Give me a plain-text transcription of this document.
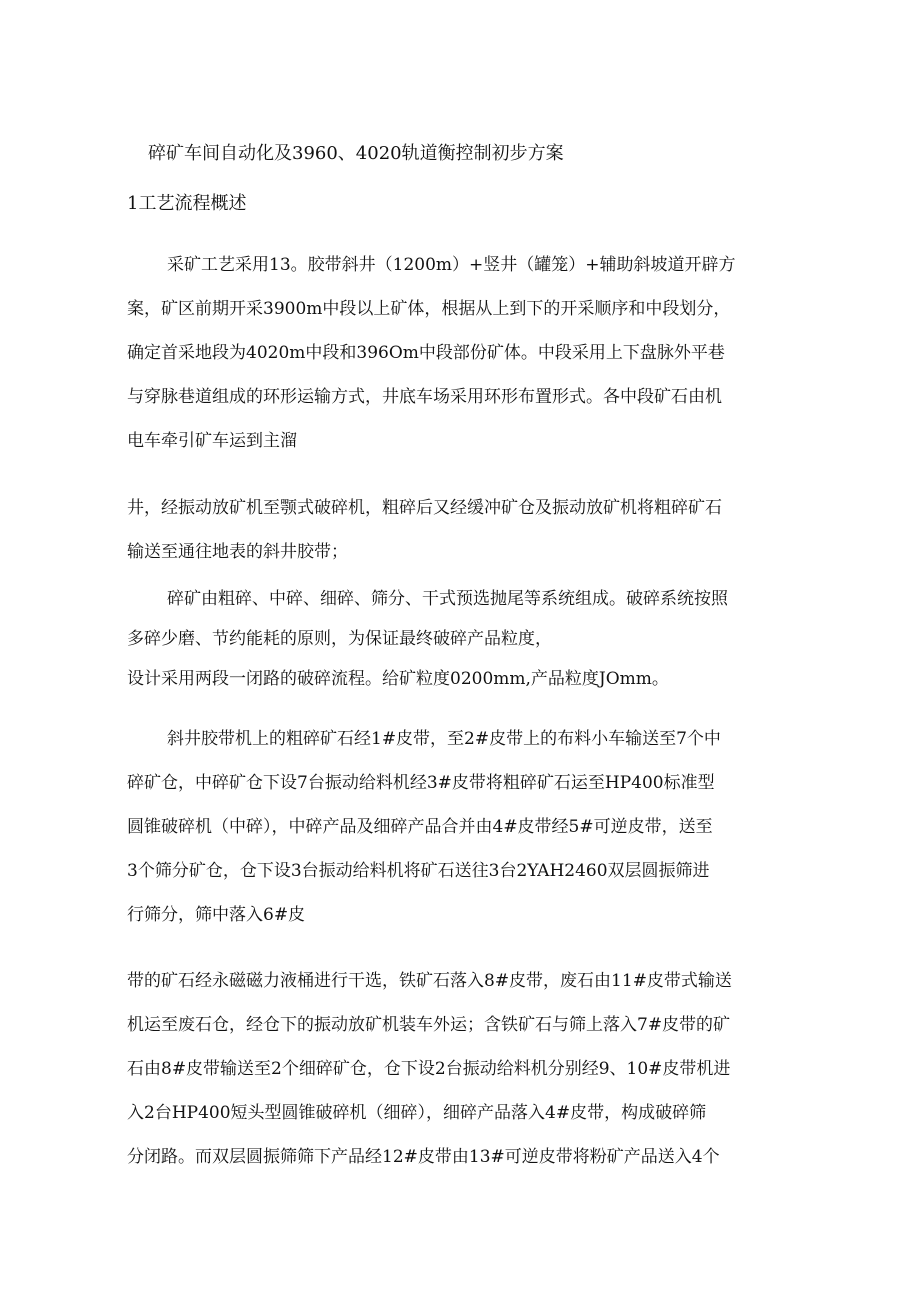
碎矿车间自动化及3960、4020轨道衡控制初步方案
1工艺流程概述
采矿工艺采用13。胶带斜井（1200m）+竖井（罐笼）+辅助斜坡道开辟方
案，矿区前期开采3900m中段以上矿体，根据从上到下的开采顺序和中段划分，
确定首采地段为4020m中段和396Om中段部份矿体。中段采用上下盘脉外平巷
与穿脉巷道组成的环形运输方式，井底车场采用环形布置形式。各中段矿石由机
电车牵引矿车运到主溜
井，经振动放矿机至颚式破碎机，粗碎后又经缓冲矿仓及振动放矿机将粗碎矿石
输送至通往地表的斜井胶带；
碎矿由粗碎、中碎、细碎、筛分、干式预选抛尾等系统组成。破碎系统按照
多碎少磨、节约能耗的原则，为保证最终破碎产品粒度，
设计采用两段一闭路的破碎流程。给矿粒度0200mm,产品粒度JOmm。
斜井胶带机上的粗碎矿石经1#皮带，至2#皮带上的布料小车输送至7个中
碎矿仓，中碎矿仓下设7台振动给料机经3#皮带将粗碎矿石运至HP400标准型
圆锥破碎机（中碎），中碎产品及细碎产品合并由4#皮带经5#可逆皮带，送至
3个筛分矿仓，仓下设3台振动给料机将矿石送往3台2YAH2460双层圆振筛进
行筛分，筛中落入6#皮
带的矿石经永磁磁力液桶进行干选，铁矿石落入8#皮带，废石由11#皮带式输送
机运至废石仓，经仓下的振动放矿机装车外运；含铁矿石与筛上落入7#皮带的矿
石由8#皮带输送至2个细碎矿仓，仓下设2台振动给料机分别经9、10#皮带机进
入2台HP400短头型圆锥破碎机（细碎），细碎产品落入4#皮带，构成破碎筛
分闭路。而双层圆振筛筛下产品经12#皮带由13#可逆皮带将粉矿产品送入4个
